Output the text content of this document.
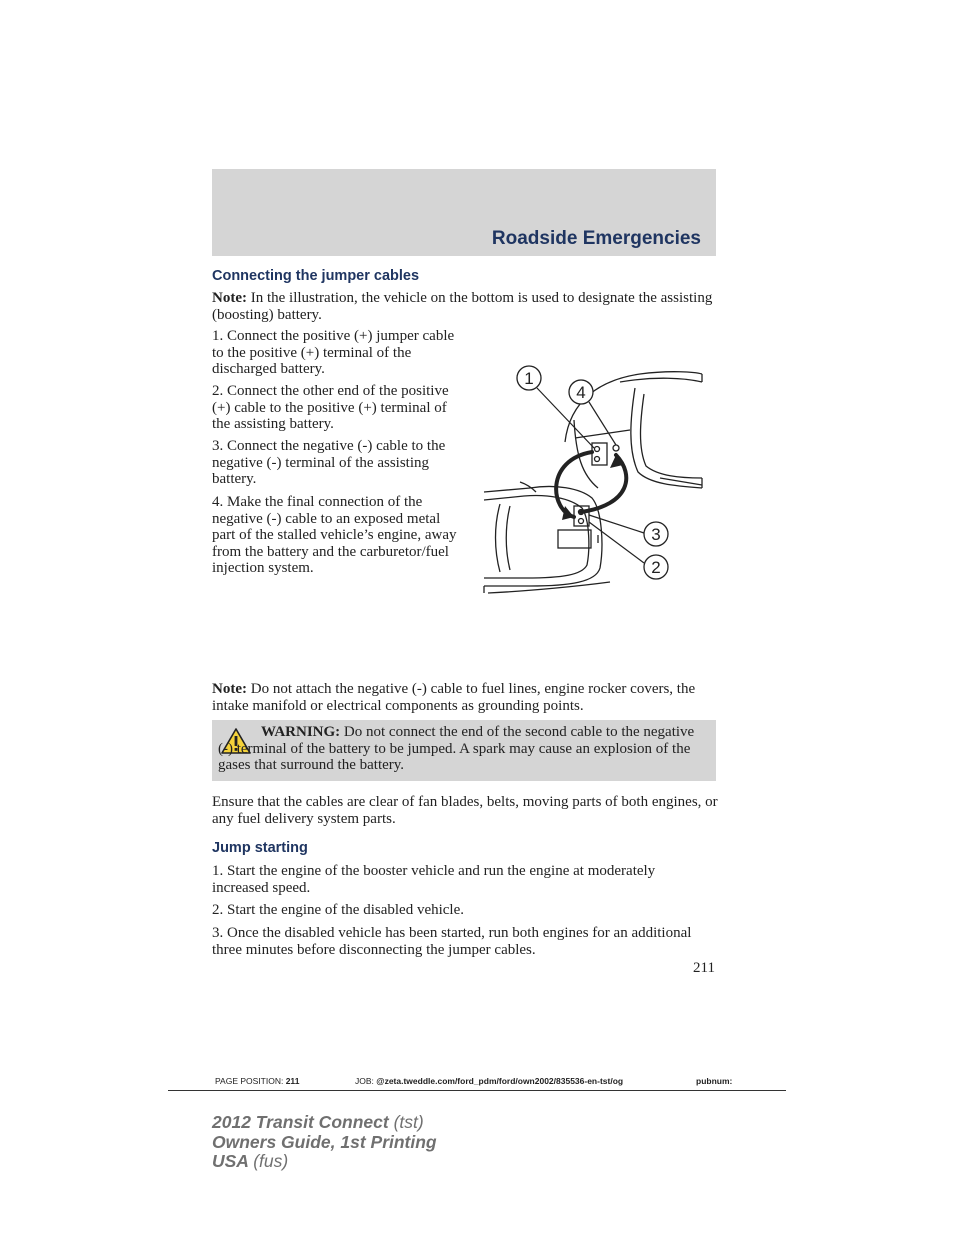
Roadside Emergencies
Connecting the jumper cables

Note: In the illustration, the vehicle on the bottom is used to designate the assisting (boosting) battery.

1. Connect the positive (+) jumper cable to the positive (+) terminal of the discharged battery.

2. Connect the other end of the positive (+) cable to the positive (+) terminal of the assisting battery.

3. Connect the negative (-) cable to the negative (-) terminal of the assisting battery.

4. Make the final connection of the negative (-) cable to an exposed metal part of the stalled vehicle’s engine, away from the battery and the carburetor/fuel injection system.

1
4
3
2

Note: Do not attach the negative (-) cable to fuel lines, engine rocker covers, the intake manifold or electrical components as grounding points.

WARNING: Do not connect the end of the second cable to the negative (-) terminal of the battery to be jumped. A spark may cause an explosion of the gases that surround the battery.

Ensure that the cables are clear of fan blades, belts, moving parts of both engines, or any fuel delivery system parts.

Jump starting

1. Start the engine of the booster vehicle and run the engine at moderately increased speed.

2. Start the engine of the disabled vehicle.

3. Once the disabled vehicle has been started, run both engines for an additional three minutes before disconnecting the jumper cables.

211
PAGE POSITION: 211	JOB: @zeta.tweddle.com/ford_pdm/ford/own2002/835536-en-tst/og	pubnum:
2012 Transit Connect (tst)
Owners Guide, 1st Printing
USA (fus)
